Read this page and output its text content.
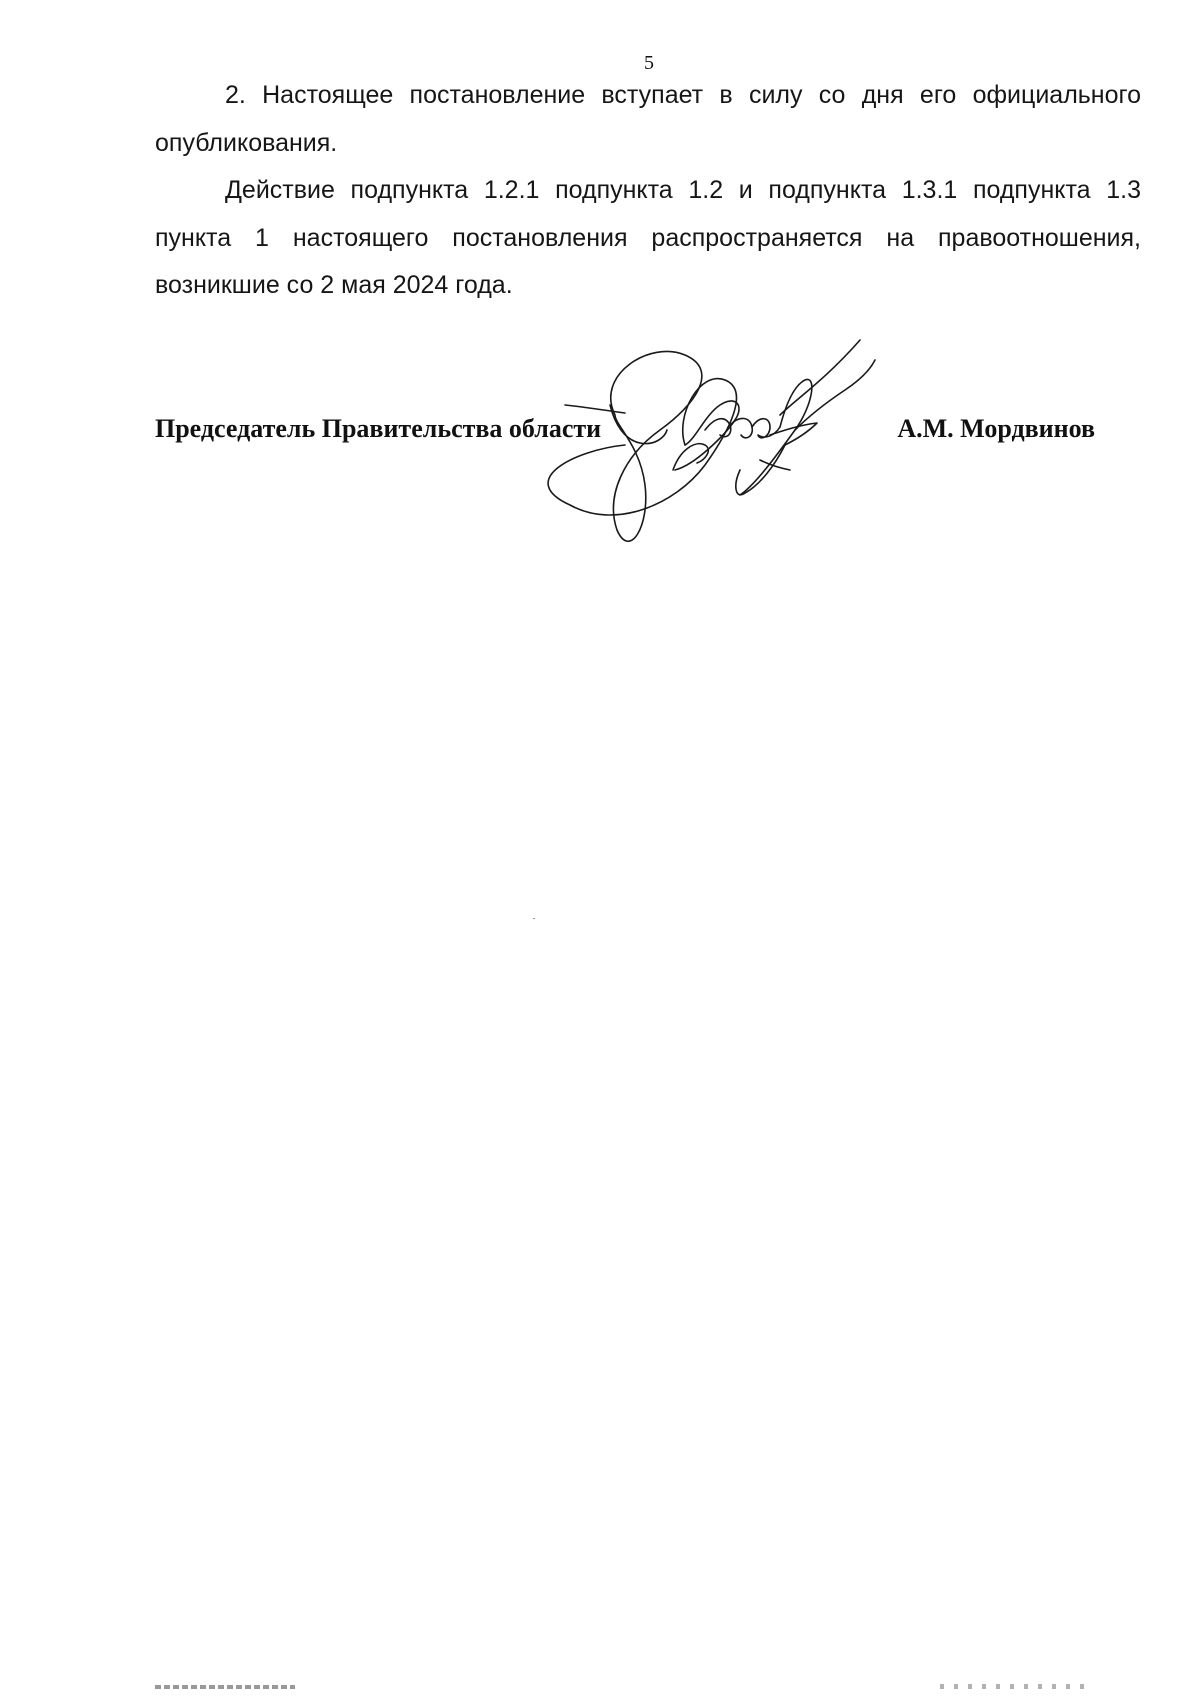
5

2. Настоящее постановление вступает в силу со дня его официального опубликования.

Действие подпункта 1.2.1 подпункта 1.2 и подпункта 1.3.1 подпункта 1.3 пункта 1 настоящего постановления распространяется на правоотношения, возникшие со 2 мая 2024 года.

Председатель Правительства области	А.М. Мордвинов
